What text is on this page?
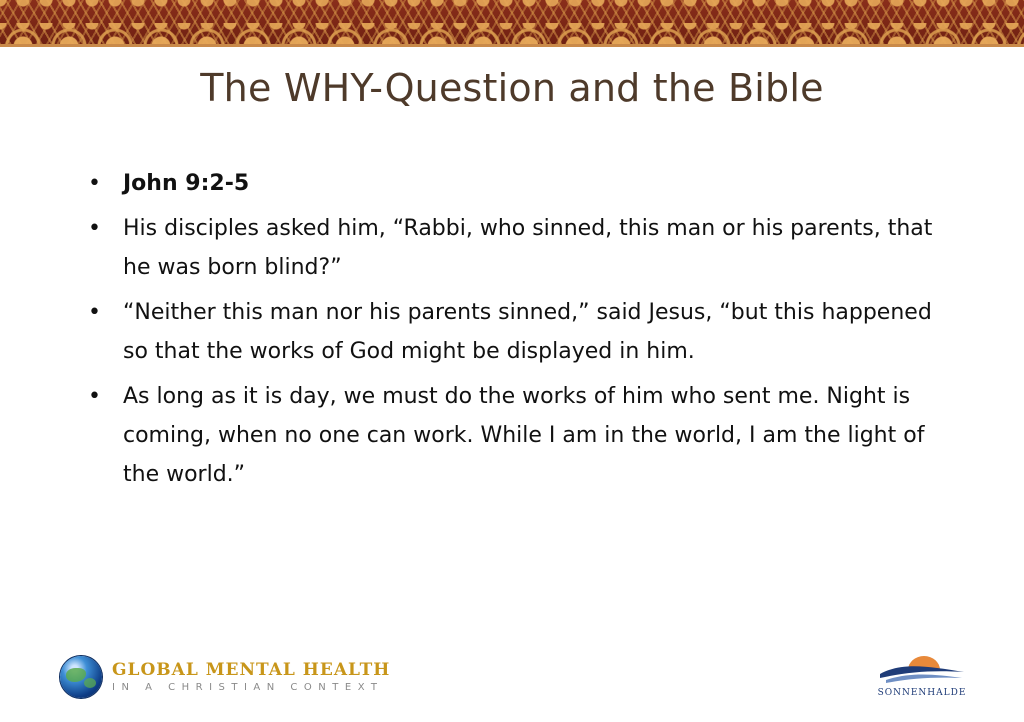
The WHY-Question and the Bible
• John 9:2-5
• His disciples asked him, “Rabbi, who sinned, this man or his parents, that he was born blind?”
• “Neither this man nor his parents sinned,” said Jesus, “but this happened so that the works of God might be displayed in him.
• As long as it is day, we must do the works of him who sent me. Night is coming, when no one can work. While I am in the world, I am the light of the world.”
GLOBAL MENTAL HEALTH
IN A CHRISTIAN CONTEXT	SONNENHALDE
